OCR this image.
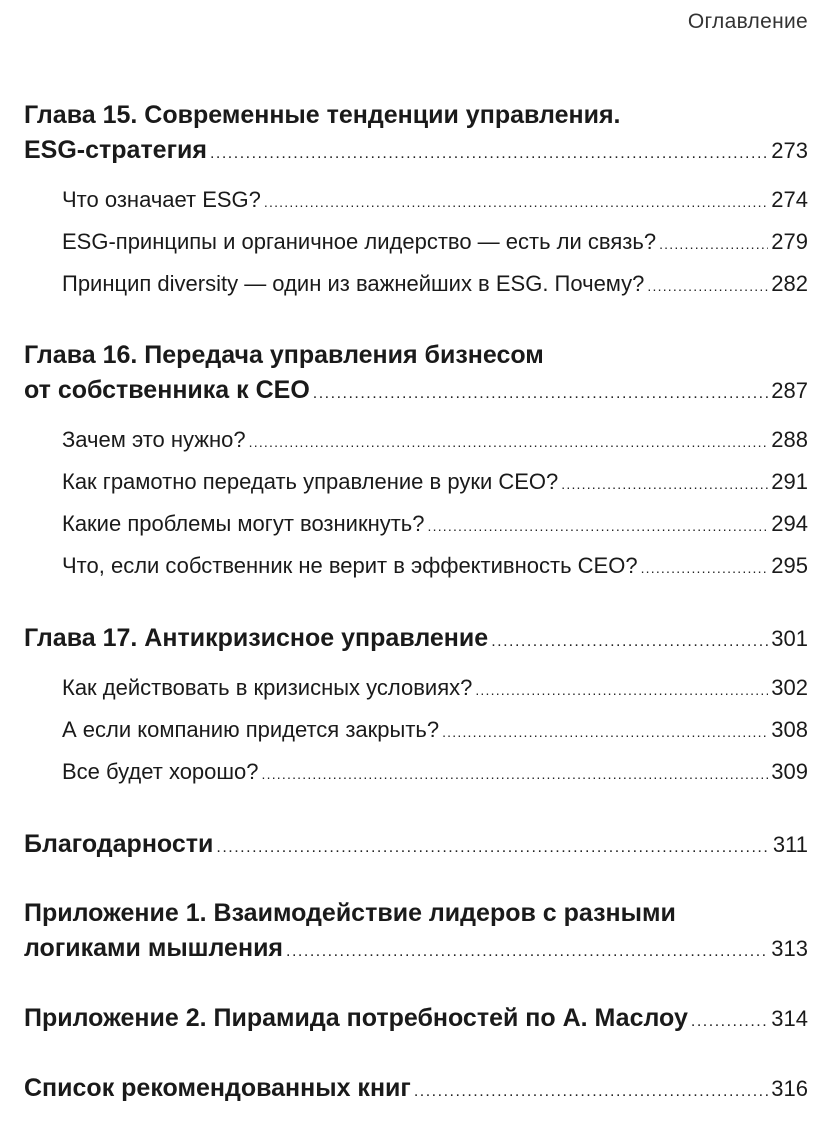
Оглавление
Глава 15. Современные тенденции управления.
ESG-стратегия .....	273
Что означает ESG? .....	274
ESG-принципы и органичное лидерство — есть ли связь? .....	279
Принцип diversity — один из важнейших в ESG. Почему? .....	282
Глава 16. Передача управления бизнесом
от собственника к СЕО .....	287
Зачем это нужно? .....	288
Как грамотно передать управление в руки СЕО? .....	291
Какие проблемы могут возникнуть? .....	294
Что, если собственник не верит в эффективность СЕО? .....	295
Глава 17. Антикризисное управление .....	301
Как действовать в кризисных условиях? .....	302
А если компанию придется закрыть? .....	308
Все будет хорошо? .....	309
Благодарности .....	311
Приложение 1. Взаимодействие лидеров с разными
логиками мышления .....	313
Приложение 2. Пирамида потребностей по А. Маслоу .....	314
Список рекомендованных книг .....	316
